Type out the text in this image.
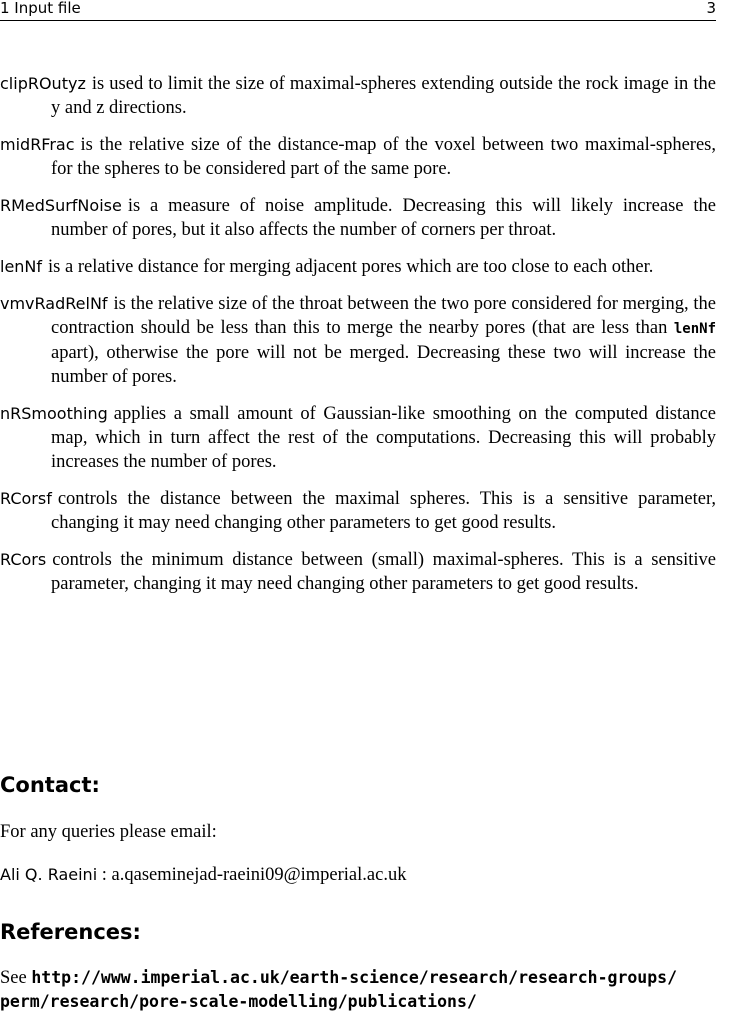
1 Input file	3

clipROutyz is used to limit the size of maximal-spheres extending outside the rock image in the y and z directions.

midRFrac is the relative size of the distance-map of the voxel between two maximal-spheres, for the spheres to be considered part of the same pore.

RMedSurfNoise is a measure of noise amplitude. Decreasing this will likely increase the number of pores, but it also affects the number of corners per throat.

lenNf is a relative distance for merging adjacent pores which are too close to each other.

vmvRadRelNf is the relative size of the throat between the two pore considered for merging, the contraction should be less than this to merge the nearby pores (that are less than lenNf apart), otherwise the pore will not be merged. Decreasing these two will increase the number of pores.

nRSmoothing applies a small amount of Gaussian-like smoothing on the computed distance map, which in turn affect the rest of the computations. Decreasing this will probably increases the number of pores.

RCorsf controls the distance between the maximal spheres. This is a sensitive parameter, changing it may need changing other parameters to get good results.

RCors controls the minimum distance between (small) maximal-spheres. This is a sensitive parameter, changing it may need changing other parameters to get good results.

Contact:

For any queries please email:

Ali Q. Raeini : a.qaseminejad-raeini09@imperial.ac.uk

References:

See http://www.imperial.ac.uk/earth-science/research/research-groups/
perm/research/pore-scale-modelling/publications/
